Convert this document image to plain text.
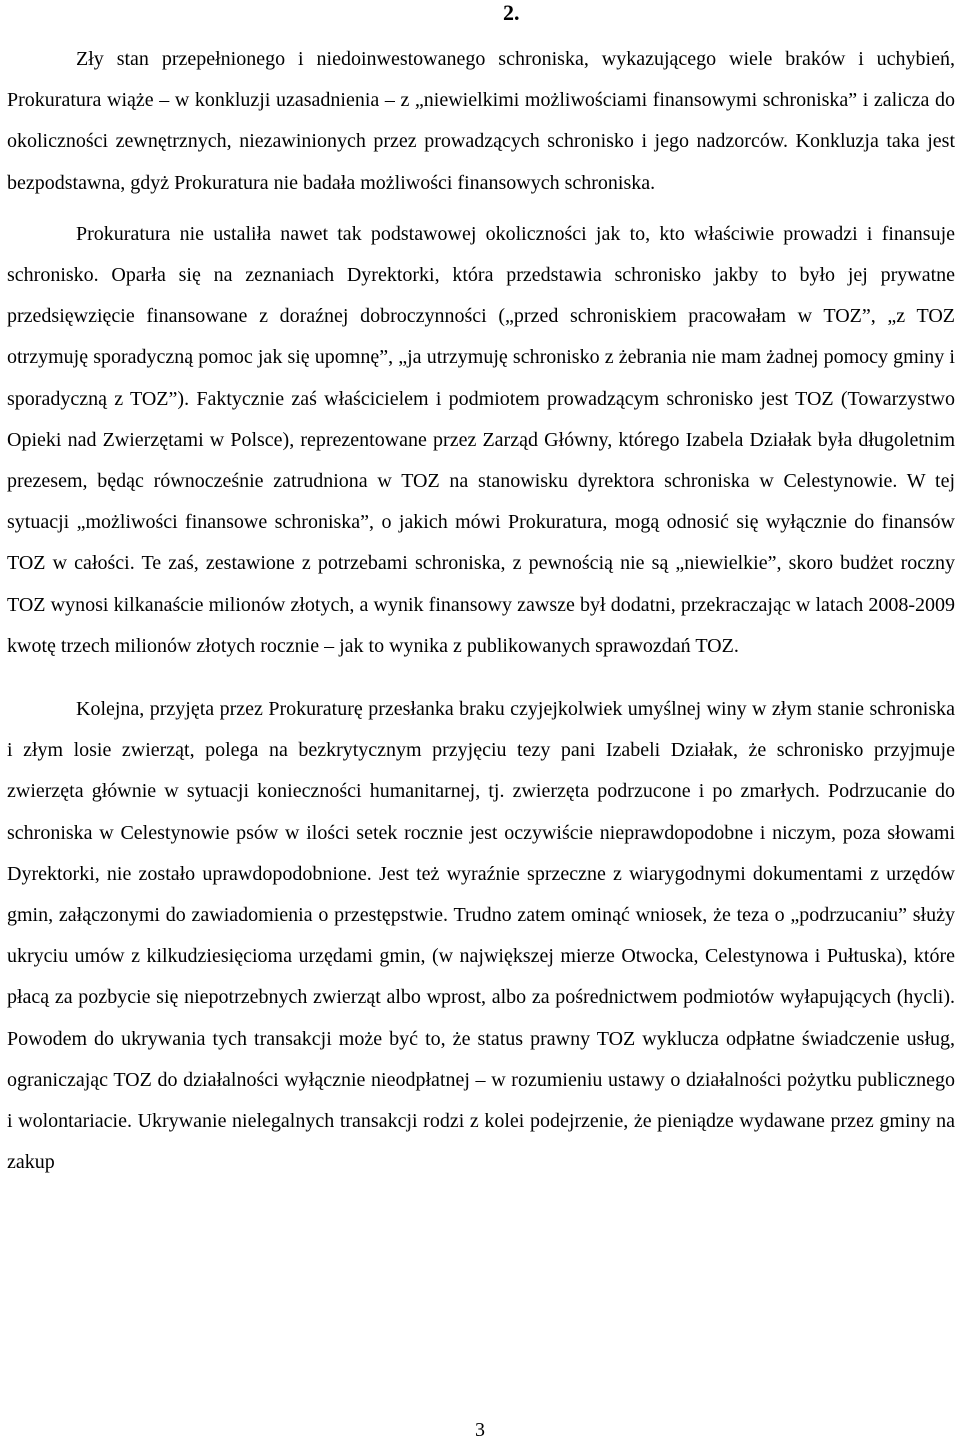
2.

Zły stan przepełnionego i niedoinwestowanego schroniska, wykazującego wiele braków i uchybień, Prokuratura wiąże – w konkluzji uzasadnienia – z „niewielkimi możliwościami finansowymi schroniska” i zalicza do okoliczności zewnętrznych, niezawinionych przez prowadzących schronisko i jego nadzorców. Konkluzja taka jest bezpodstawna, gdyż Prokuratura nie badała możliwości finansowych schroniska.

Prokuratura nie ustaliła nawet tak podstawowej okoliczności jak to, kto właściwie prowadzi i finansuje schronisko. Oparła się na zeznaniach Dyrektorki, która przedstawia schronisko jakby to było jej prywatne przedsięwzięcie finansowane z doraźnej dobroczynności („przed schroniskiem pracowałam w TOZ”, „z TOZ otrzymuję sporadyczną pomoc jak się upomnę”, „ja utrzymuję schronisko z żebrania nie mam żadnej pomocy gminy i sporadyczną z TOZ”). Faktycznie zaś właścicielem i podmiotem prowadzącym schronisko jest TOZ (Towarzystwo Opieki nad Zwierzętami w Polsce), reprezentowane przez Zarząd Główny, którego Izabela Działak była długoletnim prezesem, będąc równocześnie zatrudniona w TOZ na stanowisku dyrektora schroniska w Celestynowie. W tej sytuacji „możliwości finansowe schroniska”, o jakich mówi Prokuratura, mogą odnosić się wyłącznie do finansów TOZ w całości. Te zaś, zestawione z potrzebami schroniska, z pewnością nie są „niewielkie”, skoro budżet roczny TOZ wynosi kilkanaście milionów złotych, a wynik finansowy zawsze był dodatni, przekraczając w latach 2008-2009 kwotę trzech milionów złotych rocznie – jak to wynika z publikowanych sprawozdań TOZ.

Kolejna, przyjęta przez Prokuraturę przesłanka braku czyjejkolwiek umyślnej winy w złym stanie schroniska i złym losie zwierząt, polega na bezkrytycznym przyjęciu tezy pani Izabeli Działak, że schronisko przyjmuje zwierzęta głównie w sytuacji konieczności humanitarnej, tj. zwierzęta podrzucone i po zmarłych. Podrzucanie do schroniska w Celestynowie psów w ilości setek rocznie jest oczywiście nieprawdopodobne i niczym, poza słowami Dyrektorki, nie zostało uprawdopodobnione. Jest też wyraźnie sprzeczne z wiarygodnymi dokumentami z urzędów gmin, załączonymi do zawiadomienia o przestępstwie. Trudno zatem ominąć wniosek, że teza o „podrzucaniu” służy ukryciu umów z kilkudziesięcioma urzędami gmin, (w największej mierze Otwocka, Celestynowa i Pułtuska), które płacą za pozbycie się niepotrzebnych zwierząt albo wprost, albo za pośrednictwem podmiotów wyłapujących (hycli). Powodem do ukrywania tych transakcji może być to, że status prawny TOZ wyklucza odpłatne świadczenie usług, ograniczając TOZ do działalności wyłącznie nieodpłatnej – w rozumieniu ustawy o działalności pożytku publicznego i wolontariacie. Ukrywanie nielegalnych transakcji rodzi z kolei podejrzenie, że pieniądze wydawane przez gminy na zakup

3
